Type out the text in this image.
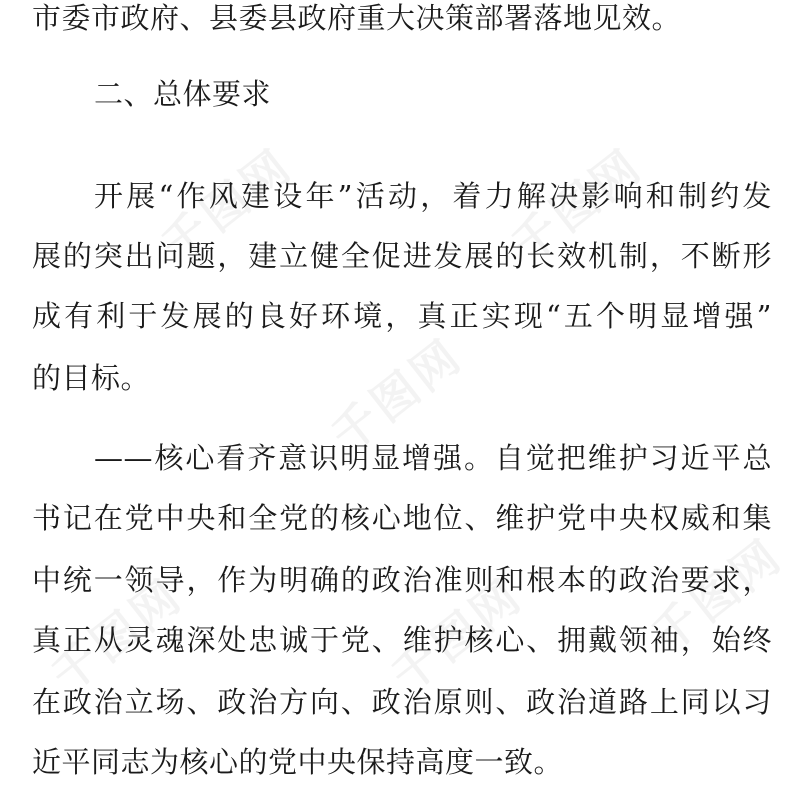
千图网	千图网
千图网
千图网	千图网 千图网
市委市政府、县委县政府重大决策部署落地见效。
二、总体要求
开展“作风建设年”活动，着力解决影响和制约发
展的突出问题，建立健全促进发展的长效机制，不断形
成有利于发展的良好环境，真正实现“五个明显增强”
的目标。
——核心看齐意识明显增强。自觉把维护习近平总
书记在党中央和全党的核心地位、维护党中央权威和集
中统一领导，作为明确的政治准则和根本的政治要求，
真正从灵魂深处忠诚于党、维护核心、拥戴领袖，始终
在政治立场、政治方向、政治原则、政治道路上同以习
近平同志为核心的党中央保持高度一致。
